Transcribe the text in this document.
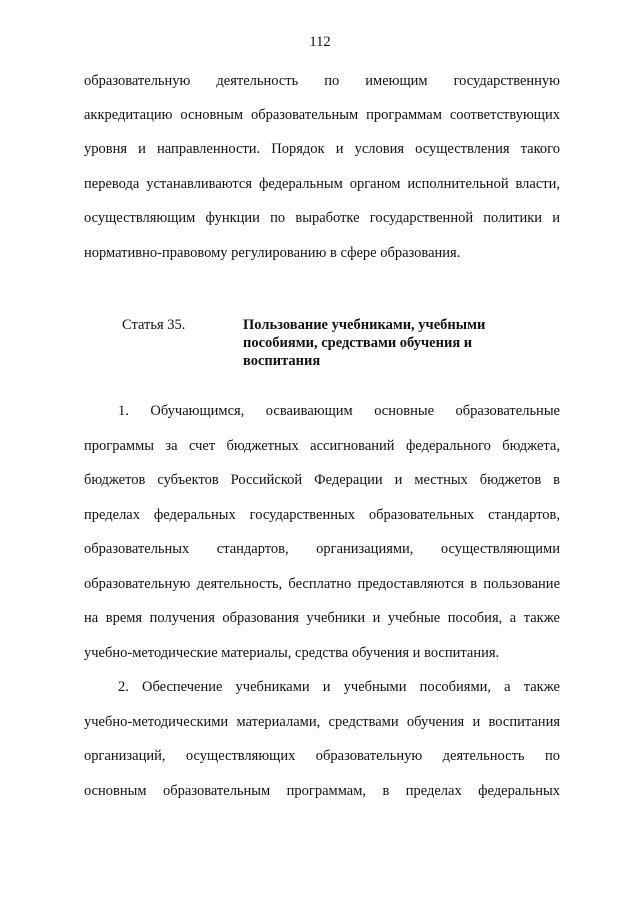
112
образовательную деятельность по имеющим государственную
аккредитацию основным образовательным программам соответствующих
уровня и направленности. Порядок и условия осуществления такого
перевода устанавливаются федеральным органом исполнительной власти,
осуществляющим функции по выработке государственной политики и
нормативно-правовому регулированию в сфере образования.
Статья 35.	Пользование учебниками, учебными
пособиями, средствами обучения и
воспитания
1. Обучающимся, осваивающим основные образовательные
программы за счет бюджетных ассигнований федерального бюджета,
бюджетов субъектов Российской Федерации и местных бюджетов в
пределах федеральных государственных образовательных стандартов,
образовательных стандартов, организациями, осуществляющими
образовательную деятельность, бесплатно предоставляются в пользование
на время получения образования учебники и учебные пособия, а также
учебно-методические материалы, средства обучения и воспитания.
2. Обеспечение учебниками и учебными пособиями, а также
учебно-методическими материалами, средствами обучения и воспитания
организаций, осуществляющих образовательную деятельность по
основным образовательным программам, в пределах федеральных
